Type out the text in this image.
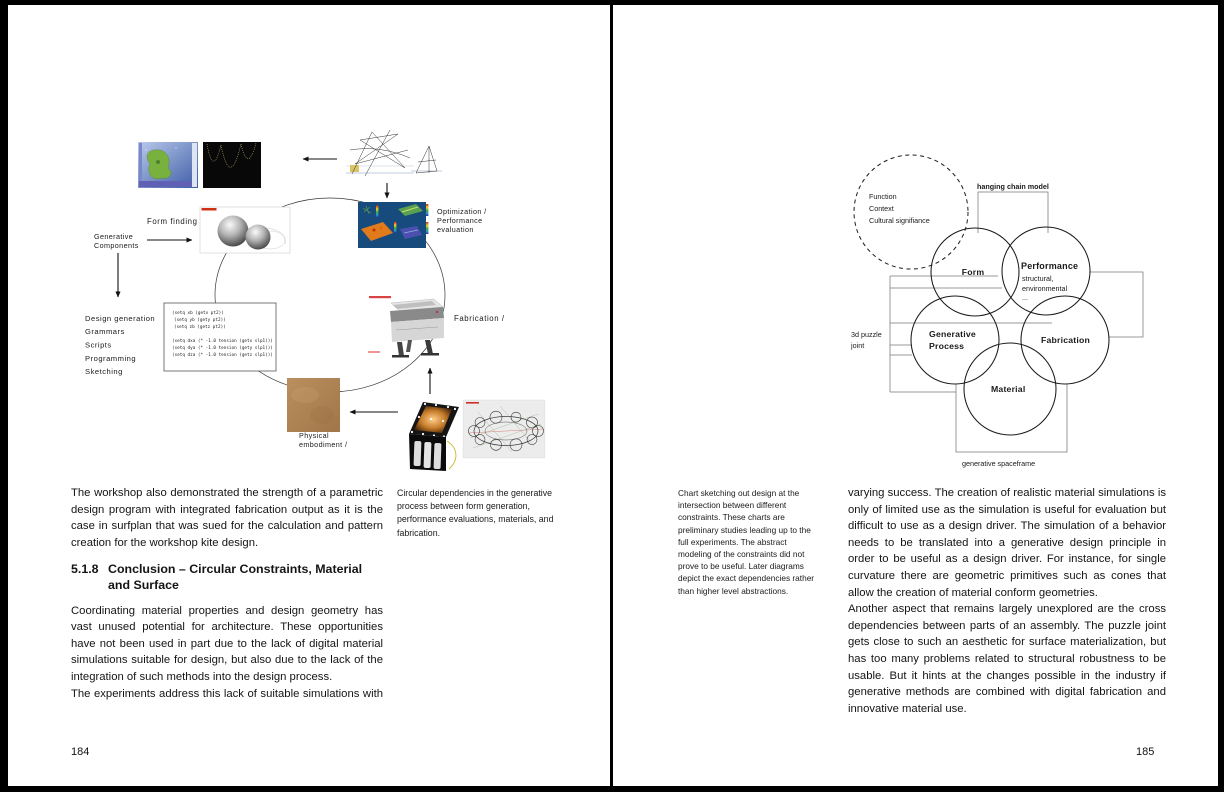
(setq xb (getx pt2))
(setq yb (gety pt2))
(setq zb (getz pt2))
(setq dxa (* -1.0 tension (getx slp1)))
(setq dya (* -1.0 tension (gety slp1)))
(setq dza (* -1.0 tension (getz slp1)))
Form finding
Generative
Components
Optimization /
Performance
evaluation
Fabrication /
Physical
embodiment /
Design generation
Grammars
Scripts
Programming
Sketching
Circular dependencies in the generative process between form generation, performance evaluations, materials, and fabrication.

The workshop also demonstrated the strength of a parametric design program with integrated fabrication output as it is the case in surfplan that was sued for the calculation and pattern creation for the workshop kite design.

5.1.8 Conclusion – Circular Constraints, Material and Surface

Coordinating material properties and design geometry has vast unused potential for architecture. These opportunities have not been used in part due to the lack of digital material simulations suitable for design, but also due to the lack of the integration of such methods into the design process.

The experiments address this lack of suitable simulations with

184
Function
Context
Cultural signifiance
hanging chain model
Form
Performance
structural,
environmental
...
Generative
Process
Fabrication
Material
3d puzzle
joint
generative spaceframe
Chart sketching out design at the intersection between different constraints. These charts are preliminary studies leading up to the full experiments. The abstract modeling of the constraints did not prove to be useful. Later diagrams depict the exact dependencies rather than higher level abstractions.

varying success. The creation of realistic material simulations is only of limited use as the simulation is useful for evaluation but difficult to use as a design driver. The simulation of a behavior needs to be translated into a generative design principle in order to be useful as a design driver. For instance, for single curvature there are geometric primitives such as cones that allow the creation of material conform geometries.

Another aspect that remains largely unexplored are the cross dependencies between parts of an assembly. The puzzle joint gets close to such an aesthetic for surface materialization, but has too many problems related to structural robustness to be usable. But it hints at the changes possible in the industry if generative methods are combined with digital fabrication and innovative material use.

185
